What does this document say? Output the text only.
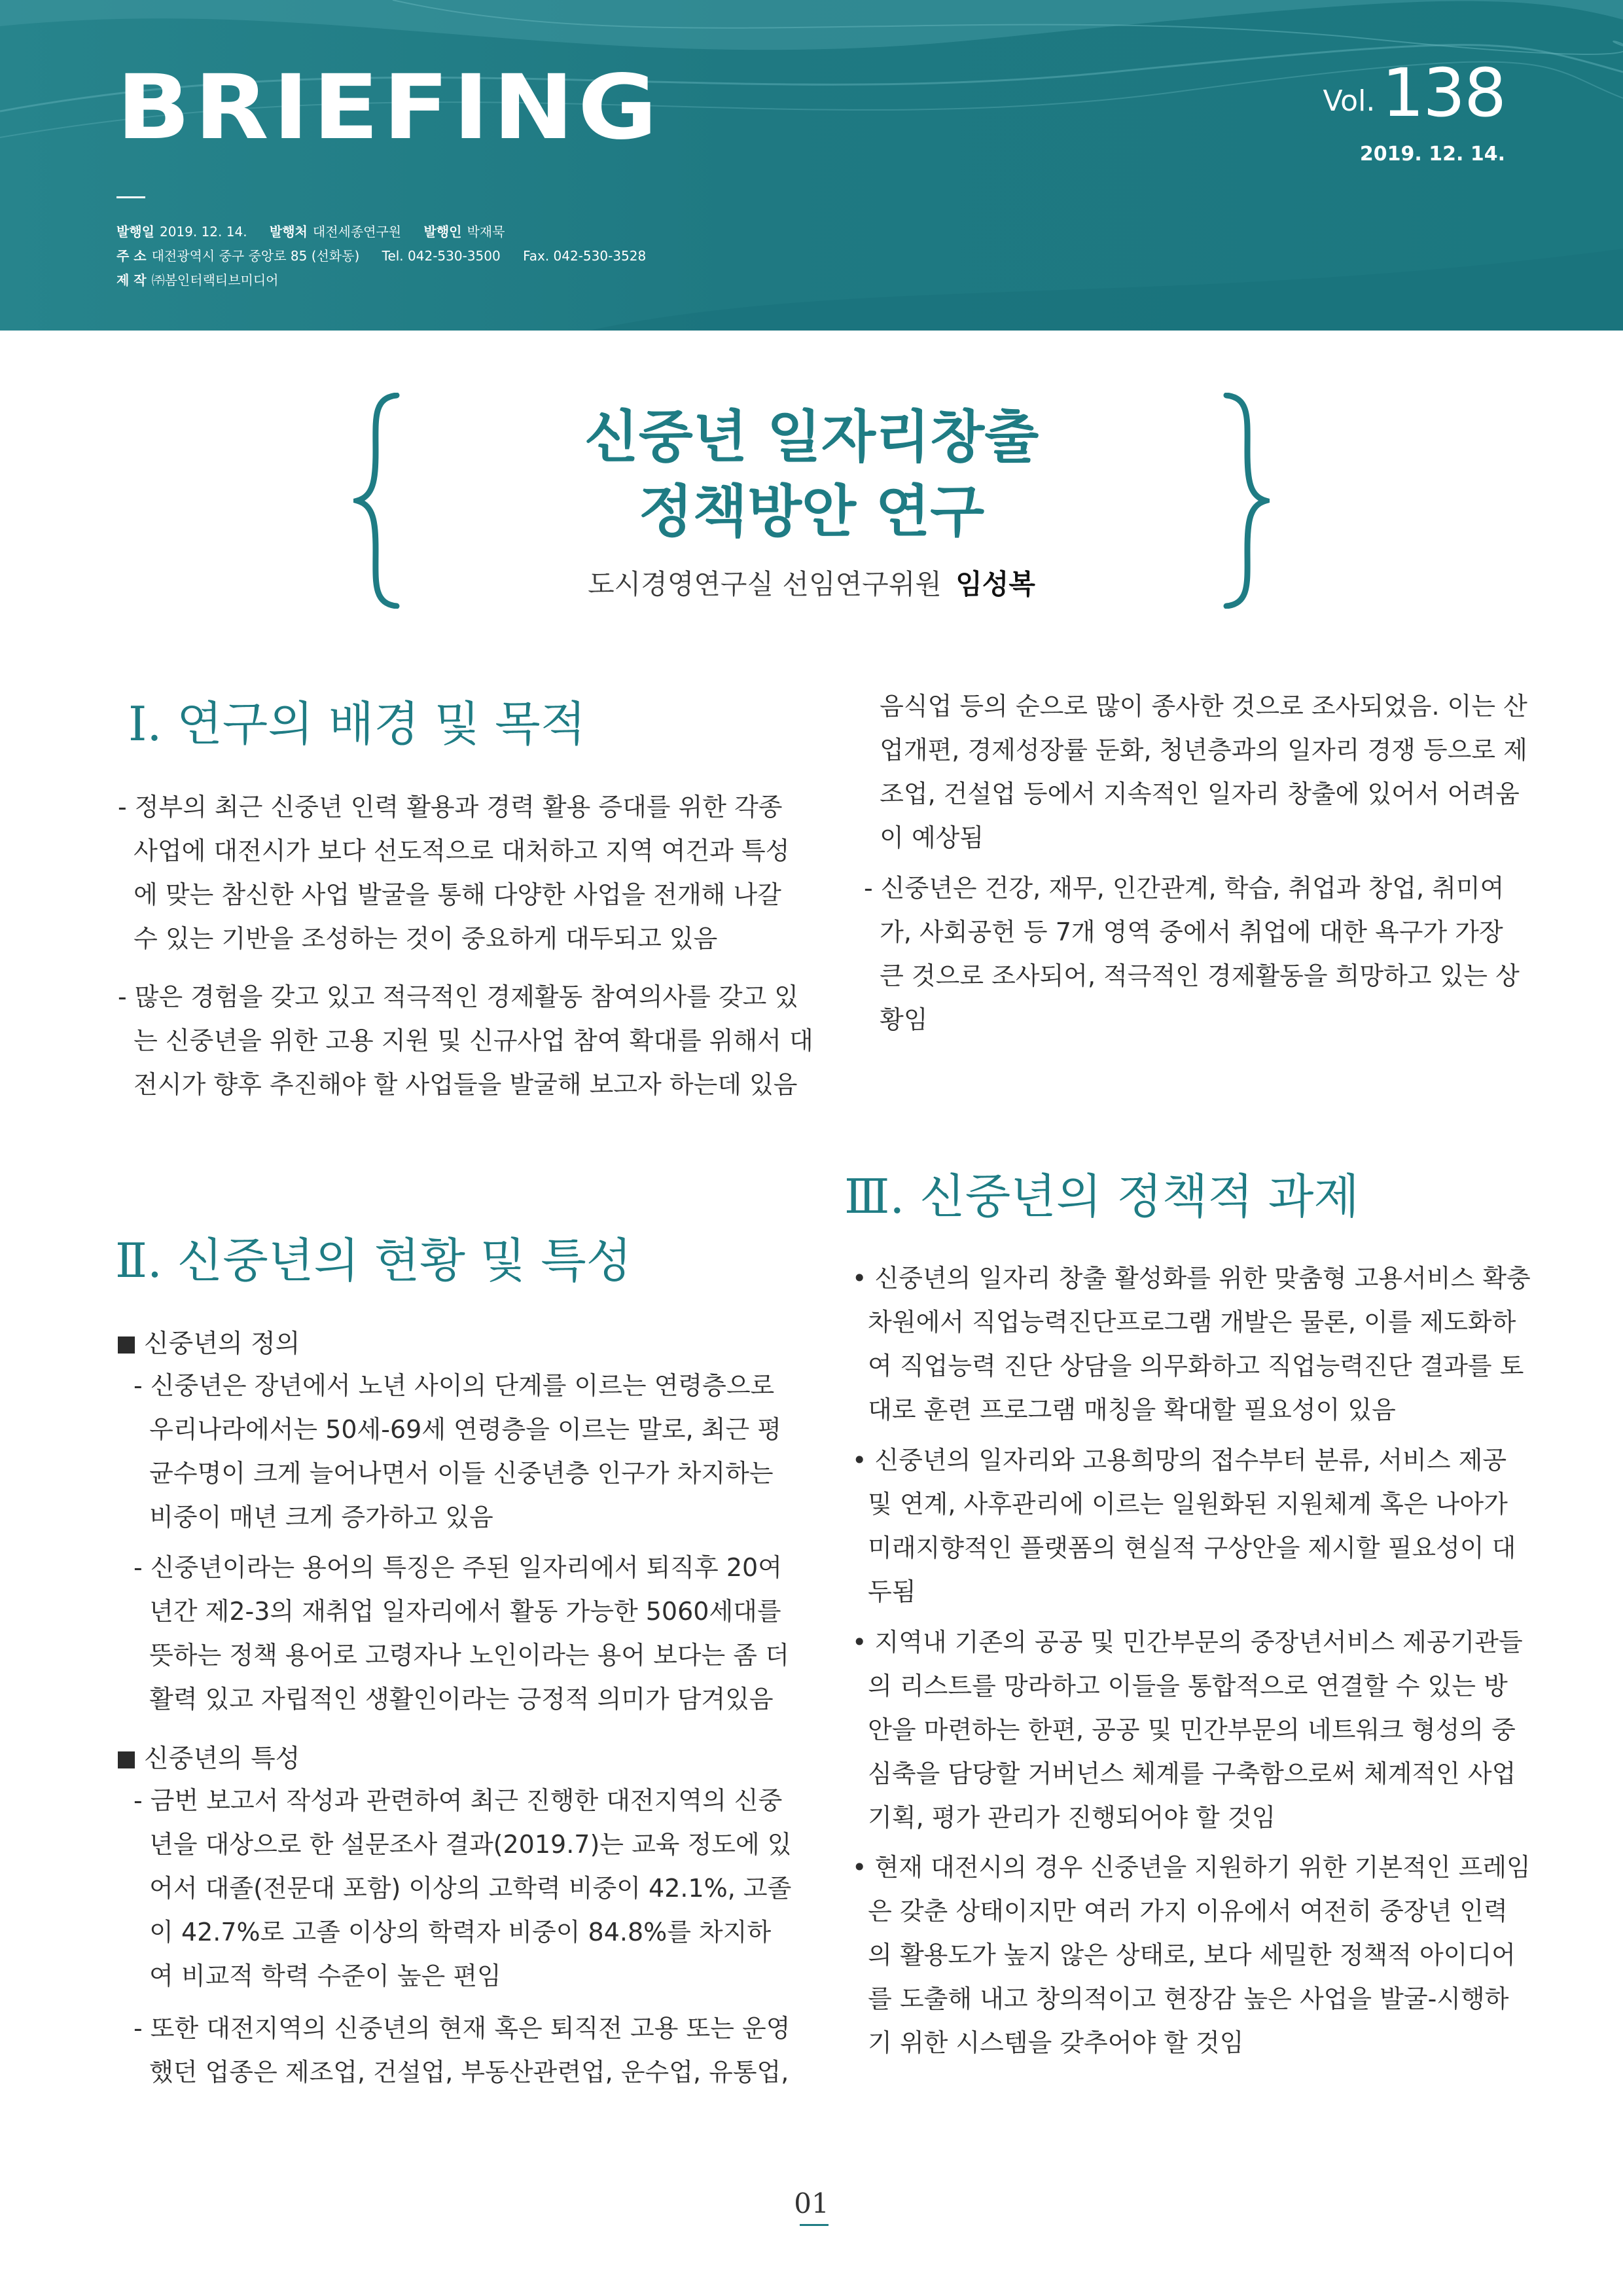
BRIEFING	Vol.138
2019. 12. 14.
발행일 2019. 12. 14. 발행처 대전세종연구원 발행인 박재묵
주 소 대전광역시 중구 중앙로 85 (선화동) Tel. 042-530-3500 Fax. 042-530-3528
제 작 ㈜봄인터랙티브미디어
신중년 일자리창출
정책방안 연구
도시경영연구실 선임연구위원 임성복
Ⅰ. 연구의 배경 및 목적
- 정부의 최근 신중년 인력 활용과 경력 활용 증대를 위한 각종
사업에 대전시가 보다 선도적으로 대처하고 지역 여건과 특성
에 맞는 참신한 사업 발굴을 통해 다양한 사업을 전개해 나갈
수 있는 기반을 조성하는 것이 중요하게 대두되고 있음
- 많은 경험을 갖고 있고 적극적인 경제활동 참여의사를 갖고 있
는 신중년을 위한 고용 지원 및 신규사업 참여 확대를 위해서 대
전시가 향후 추진해야 할 사업들을 발굴해 보고자 하는데 있음
Ⅱ. 신중년의 현황 및 특성
신중년의 정의
- 신중년은 장년에서 노년 사이의 단계를 이르는 연령층으로
우리나라에서는 50세-69세 연령층을 이르는 말로, 최근 평
균수명이 크게 늘어나면서 이들 신중년층 인구가 차지하는
비중이 매년 크게 증가하고 있음
- 신중년이라는 용어의 특징은 주된 일자리에서 퇴직후 20여
년간 제2-3의 재취업 일자리에서 활동 가능한 5060세대를
뜻하는 정책 용어로 고령자나 노인이라는 용어 보다는 좀 더
활력 있고 자립적인 생활인이라는 긍정적 의미가 담겨있음
신중년의 특성
- 금번 보고서 작성과 관련하여 최근 진행한 대전지역의 신중
년을 대상으로 한 설문조사 결과(2019.7)는 교육 정도에 있
어서 대졸(전문대 포함) 이상의 고학력 비중이 42.1%, 고졸
이 42.7%로 고졸 이상의 학력자 비중이 84.8%를 차지하
여 비교적 학력 수준이 높은 편임
- 또한 대전지역의 신중년의 현재 혹은 퇴직전 고용 또는 운영
했던 업종은 제조업, 건설업, 부동산관련업, 운수업, 유통업,
음식업 등의 순으로 많이 종사한 것으로 조사되었음. 이는 산
업개편, 경제성장률 둔화, 청년층과의 일자리 경쟁 등으로 제
조업, 건설업 등에서 지속적인 일자리 창출에 있어서 어려움
이 예상됨
- 신중년은 건강, 재무, 인간관계, 학습, 취업과 창업, 취미여
가, 사회공헌 등 7개 영역 중에서 취업에 대한 욕구가 가장
큰 것으로 조사되어, 적극적인 경제활동을 희망하고 있는 상
황임
Ⅲ. 신중년의 정책적 과제
• 신중년의 일자리 창출 활성화를 위한 맞춤형 고용서비스 확충
차원에서 직업능력진단프로그램 개발은 물론, 이를 제도화하
여 직업능력 진단 상담을 의무화하고 직업능력진단 결과를 토
대로 훈련 프로그램 매칭을 확대할 필요성이 있음
• 신중년의 일자리와 고용희망의 접수부터 분류, 서비스 제공
및 연계, 사후관리에 이르는 일원화된 지원체계 혹은 나아가
미래지향적인 플랫폼의 현실적 구상안을 제시할 필요성이 대
두됨
• 지역내 기존의 공공 및 민간부문의 중장년서비스 제공기관들
의 리스트를 망라하고 이들을 통합적으로 연결할 수 있는 방
안을 마련하는 한편, 공공 및 민간부문의 네트워크 형성의 중
심축을 담당할 거버넌스 체계를 구축함으로써 체계적인 사업
기획, 평가 관리가 진행되어야 할 것임
• 현재 대전시의 경우 신중년을 지원하기 위한 기본적인 프레임
은 갖춘 상태이지만 여러 가지 이유에서 여전히 중장년 인력
의 활용도가 높지 않은 상태로, 보다 세밀한 정책적 아이디어
를 도출해 내고 창의적이고 현장감 높은 사업을 발굴-시행하
기 위한 시스템을 갖추어야 할 것임
01
